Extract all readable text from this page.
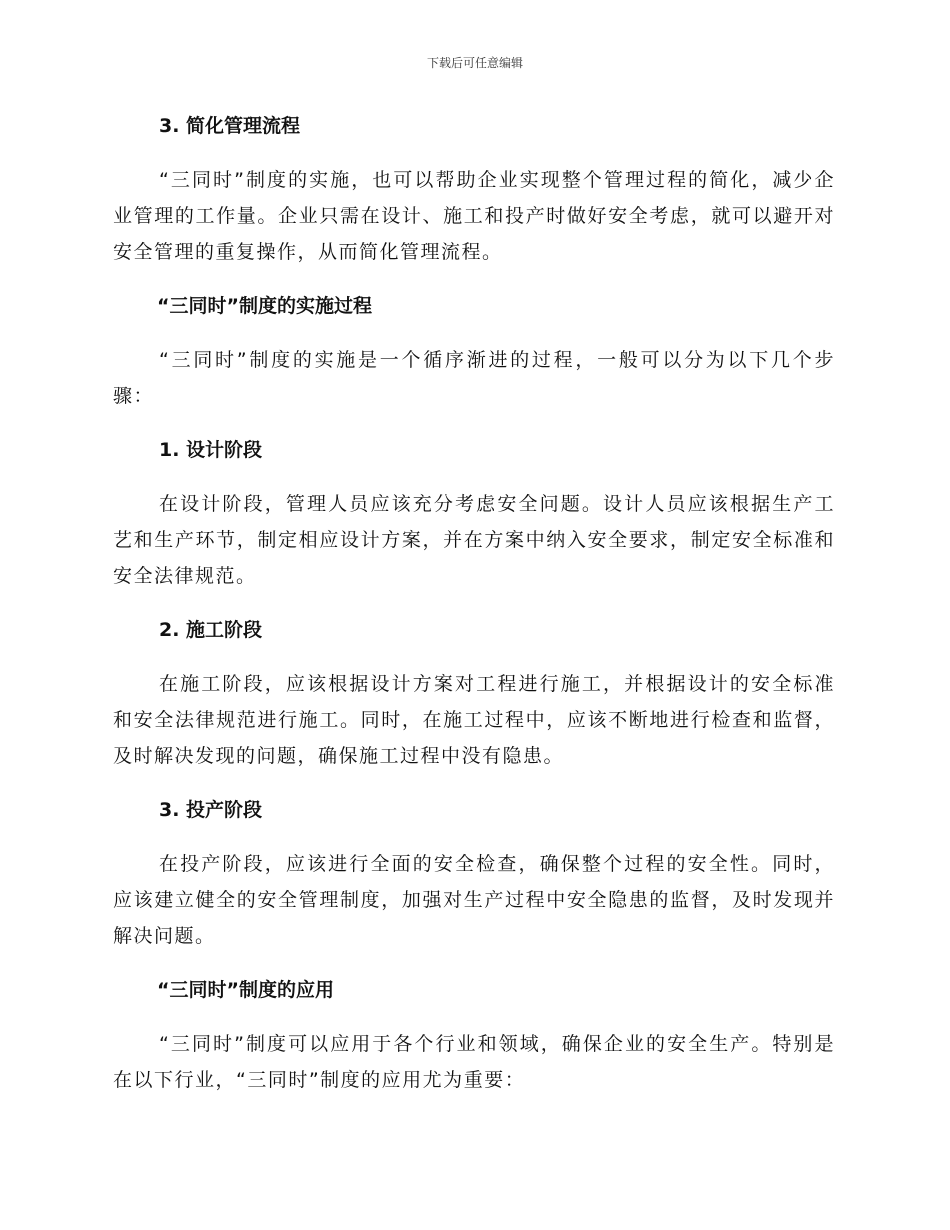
下载后可任意编辑
3. 简化管理流程
“三同时”制度的实施，也可以帮助企业实现整个管理过程的简化，减少企业管理的工作量。企业只需在设计、施工和投产时做好安全考虑，就可以避开对安全管理的重复操作，从而简化管理流程。
“三同时”制度的实施过程
“三同时”制度的实施是一个循序渐进的过程，一般可以分为以下几个步骤：
1. 设计阶段
在设计阶段，管理人员应该充分考虑安全问题。设计人员应该根据生产工艺和生产环节，制定相应设计方案，并在方案中纳入安全要求，制定安全标准和安全法律规范。
2. 施工阶段
在施工阶段，应该根据设计方案对工程进行施工，并根据设计的安全标准和安全法律规范进行施工。同时，在施工过程中，应该不断地进行检查和监督，及时解决发现的问题，确保施工过程中没有隐患。
3. 投产阶段
在投产阶段，应该进行全面的安全检查，确保整个过程的安全性。同时，应该建立健全的安全管理制度，加强对生产过程中安全隐患的监督，及时发现并解决问题。
“三同时”制度的应用
“三同时”制度可以应用于各个行业和领域，确保企业的安全生产。特别是在以下行业，“三同时”制度的应用尤为重要：
